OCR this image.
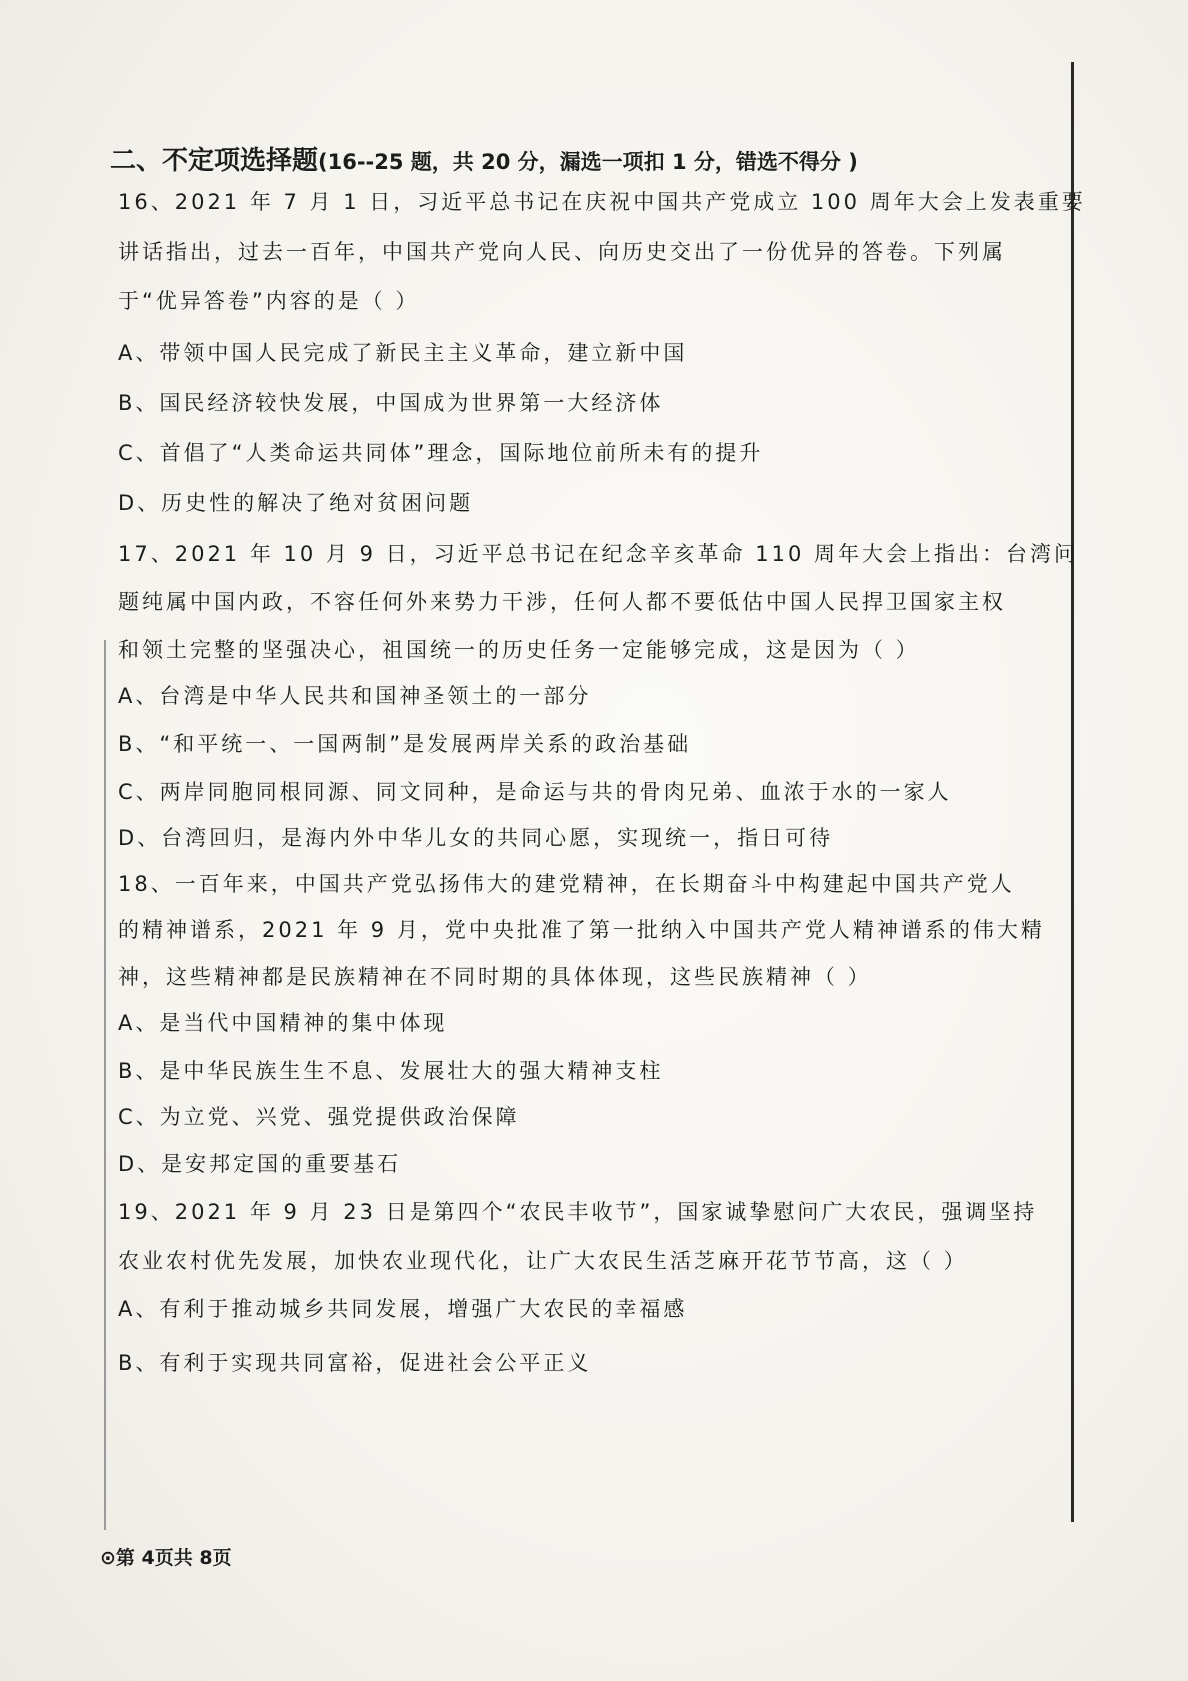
二、不定项选择题(16--25 题，共 20 分，漏选一项扣 1 分，错选不得分 )
16、2021 年 7 月 1 日，习近平总书记在庆祝中国共产党成立 100 周年大会上发表重要
讲话指出，过去一百年，中国共产党向人民、向历史交出了一份优异的答卷。下列属
于“优异答卷”内容的是（ ）
A、带领中国人民完成了新民主主义革命，建立新中国
B、国民经济较快发展，中国成为世界第一大经济体
C、首倡了“人类命运共同体”理念，国际地位前所未有的提升
D、历史性的解决了绝对贫困问题
17、2021 年 10 月 9 日，习近平总书记在纪念辛亥革命 110 周年大会上指出：台湾问
题纯属中国内政，不容任何外来势力干涉，任何人都不要低估中国人民捍卫国家主权
和领土完整的坚强决心，祖国统一的历史任务一定能够完成，这是因为（ ）
A、台湾是中华人民共和国神圣领土的一部分
B、“和平统一、一国两制”是发展两岸关系的政治基础
C、两岸同胞同根同源、同文同种，是命运与共的骨肉兄弟、血浓于水的一家人
D、台湾回归，是海内外中华儿女的共同心愿，实现统一，指日可待
18、一百年来，中国共产党弘扬伟大的建党精神，在长期奋斗中构建起中国共产党人
的精神谱系，2021 年 9 月，党中央批准了第一批纳入中国共产党人精神谱系的伟大精
神，这些精神都是民族精神在不同时期的具体体现，这些民族精神（ ）
A、是当代中国精神的集中体现
B、是中华民族生生不息、发展壮大的强大精神支柱
C、为立党、兴党、强党提供政治保障
D、是安邦定国的重要基石
19、2021 年 9 月 23 日是第四个“农民丰收节”，国家诚挚慰问广大农民，强调坚持
农业农村优先发展，加快农业现代化，让广大农民生活芝麻开花节节高，这（ ）
A、有利于推动城乡共同发展，增强广大农民的幸福感
B、有利于实现共同富裕，促进社会公平正义
⊙第 4页共 8页
